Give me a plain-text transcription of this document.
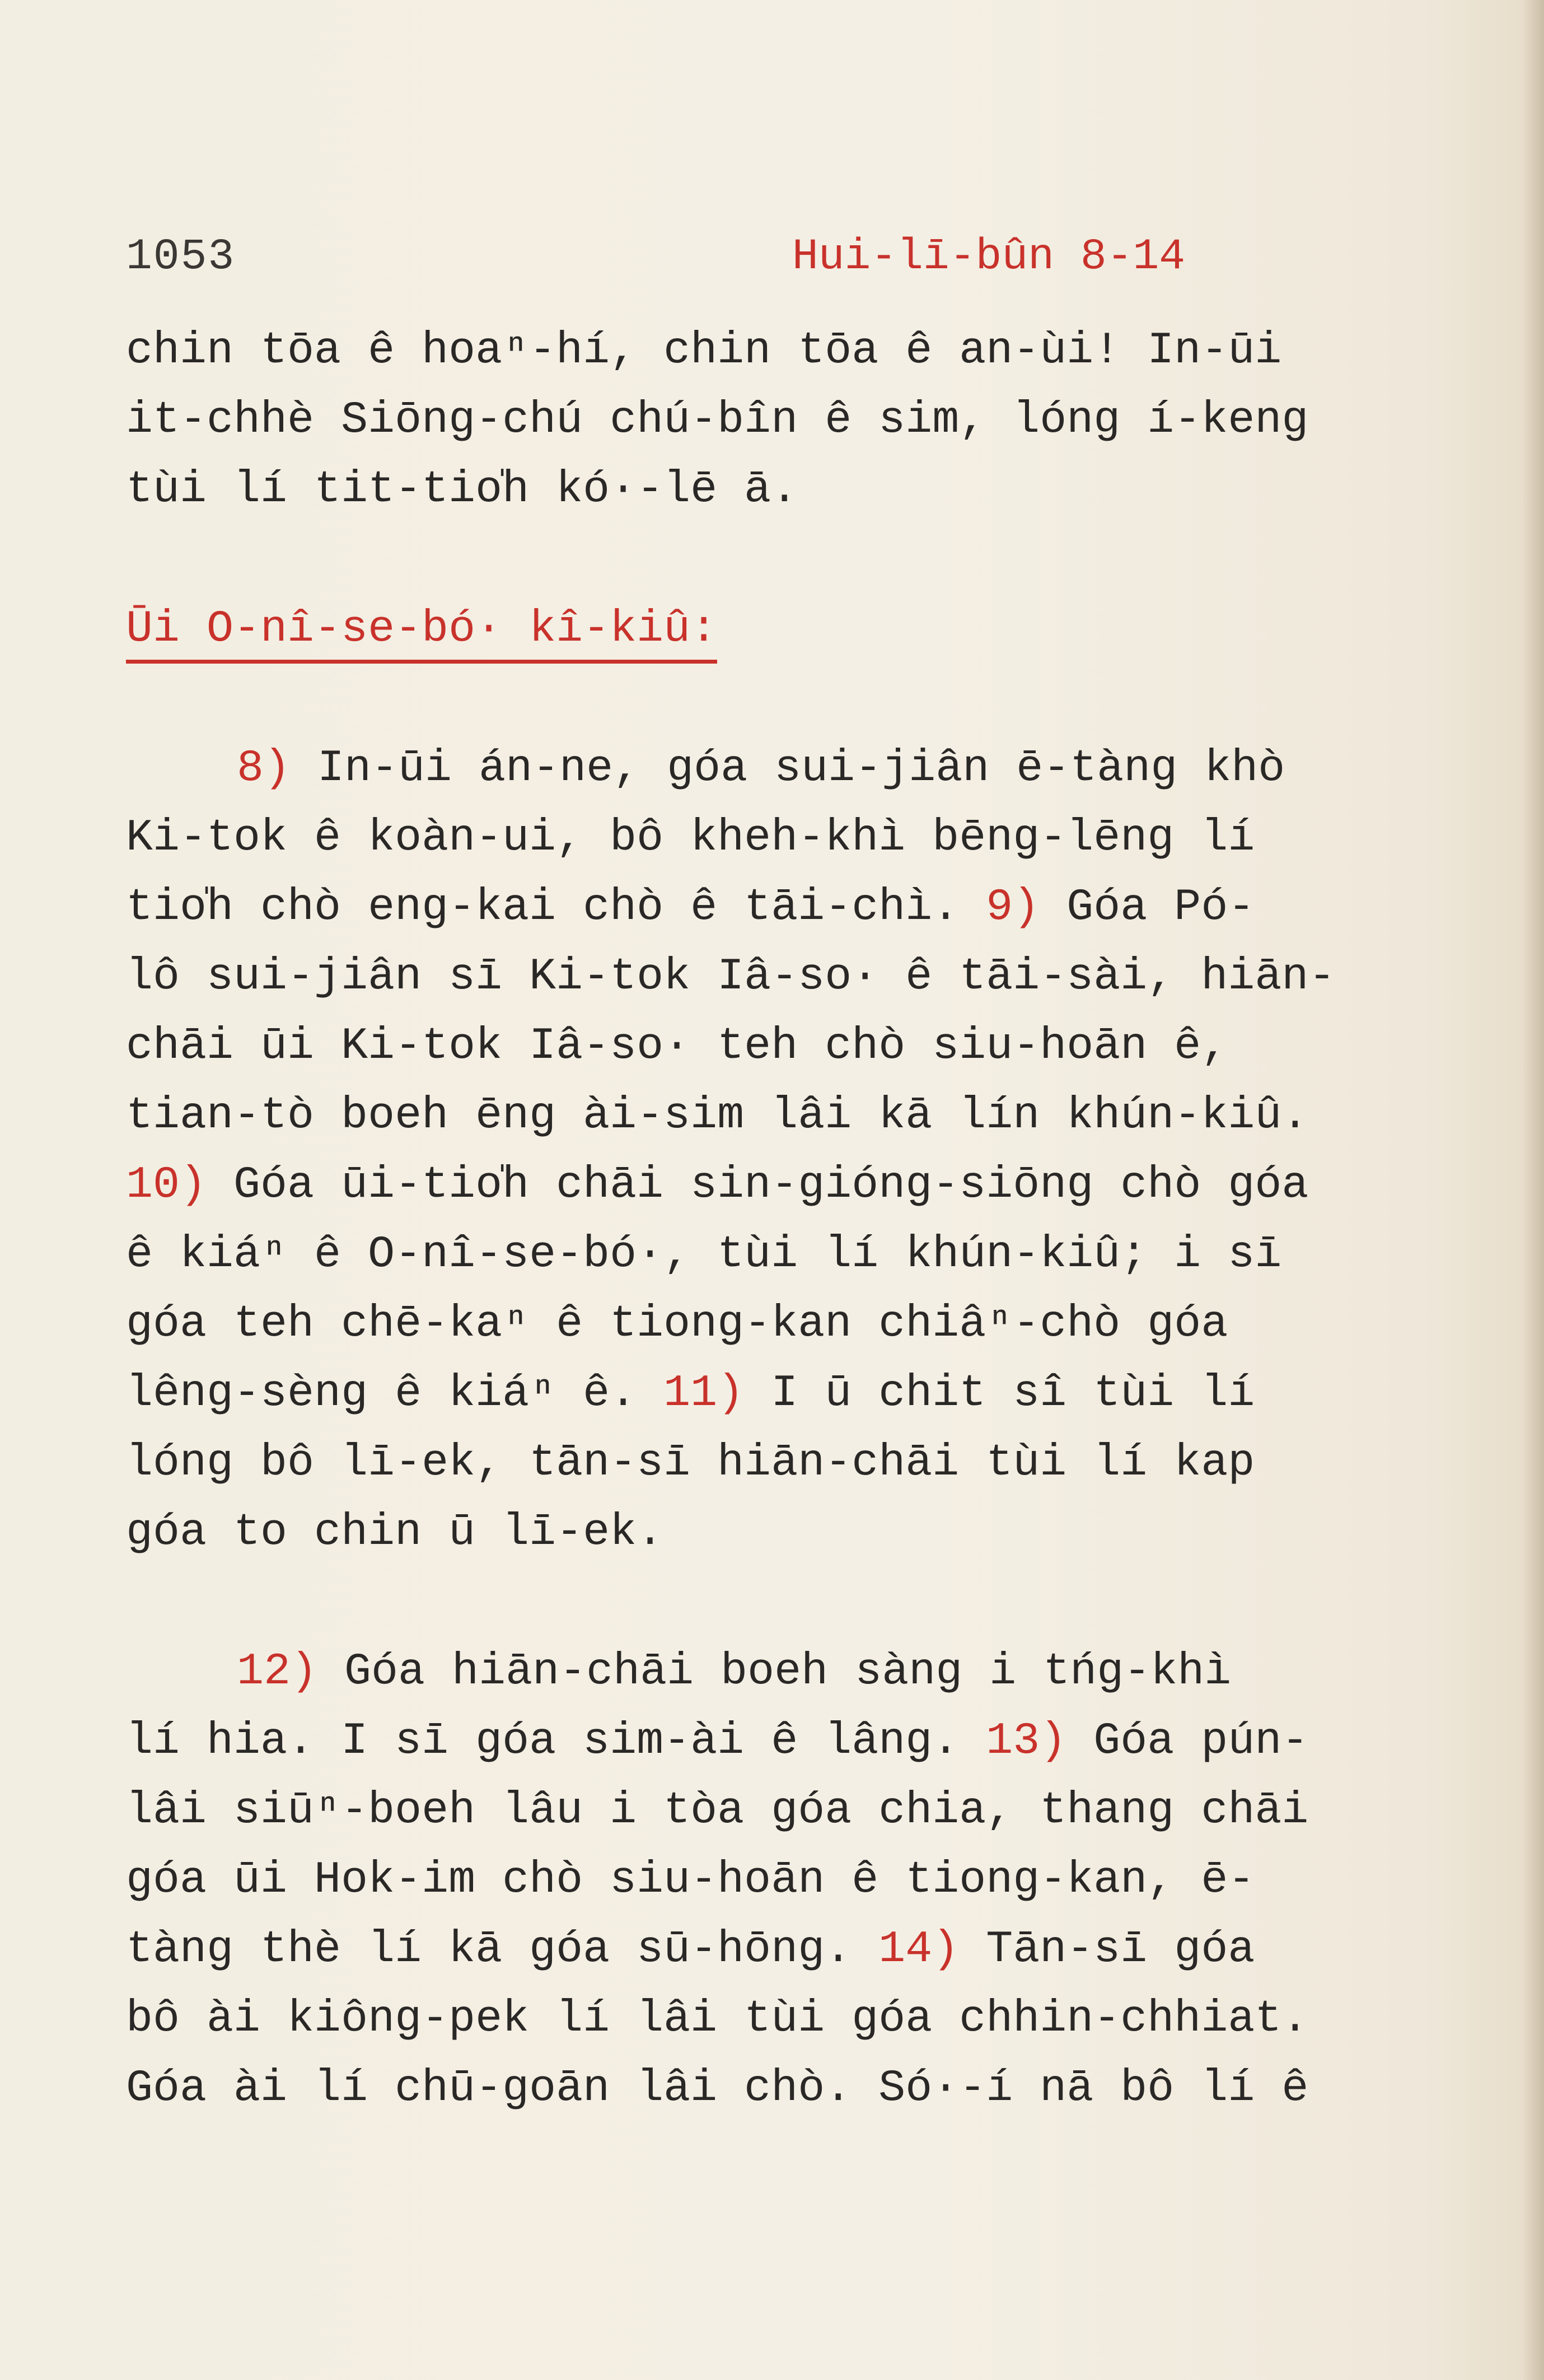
1053	Hui-lī-bûn 8-14
chin tōa ê hoaⁿ-hí, chin tōa ê an-ùi! In-ūi
it-chhè Siōng-chú chú-bîn ê sim, lóng í-keng
tùi lí tit-tio̍h kó·-lē ā.
Ūi O-nî-se-bó· kî-kiû:
8) In-ūi án-ne, góa sui-jiân ē-tàng khò
Ki-tok ê koàn-ui, bô kheh-khì bēng-lēng lí
tio̍h chò eng-kai chò ê tāi-chì. 9) Góa Pó-
lô sui-jiân sī Ki-tok Iâ-so· ê tāi-sài, hiān-
chāi ūi Ki-tok Iâ-so· teh chò siu-hoān ê,
tian-tò boeh ēng ài-sim lâi kā lín khún-kiû.
10) Góa ūi-tio̍h chāi sin-gióng-siōng chò góa
ê kiáⁿ ê O-nî-se-bó·, tùi lí khún-kiû; i sī
góa teh chē-kaⁿ ê tiong-kan chiâⁿ-chò góa
lêng-sèng ê kiáⁿ ê. 11) I ū chit sî tùi lí
lóng bô lī-ek, tān-sī hiān-chāi tùi lí kap
góa to chin ū lī-ek.
12) Góa hiān-chāi boeh sàng i tńg-khì
lí hia. I sī góa sim-ài ê lâng. 13) Góa pún-
lâi siūⁿ-boeh lâu i tòa góa chia, thang chāi
góa ūi Hok-im chò siu-hoān ê tiong-kan, ē-
tàng thè lí kā góa sū-hōng. 14) Tān-sī góa
bô ài kiông-pek lí lâi tùi góa chhin-chhiat.
Góa ài lí chū-goān lâi chò. Só·-í nā bô lí ê
